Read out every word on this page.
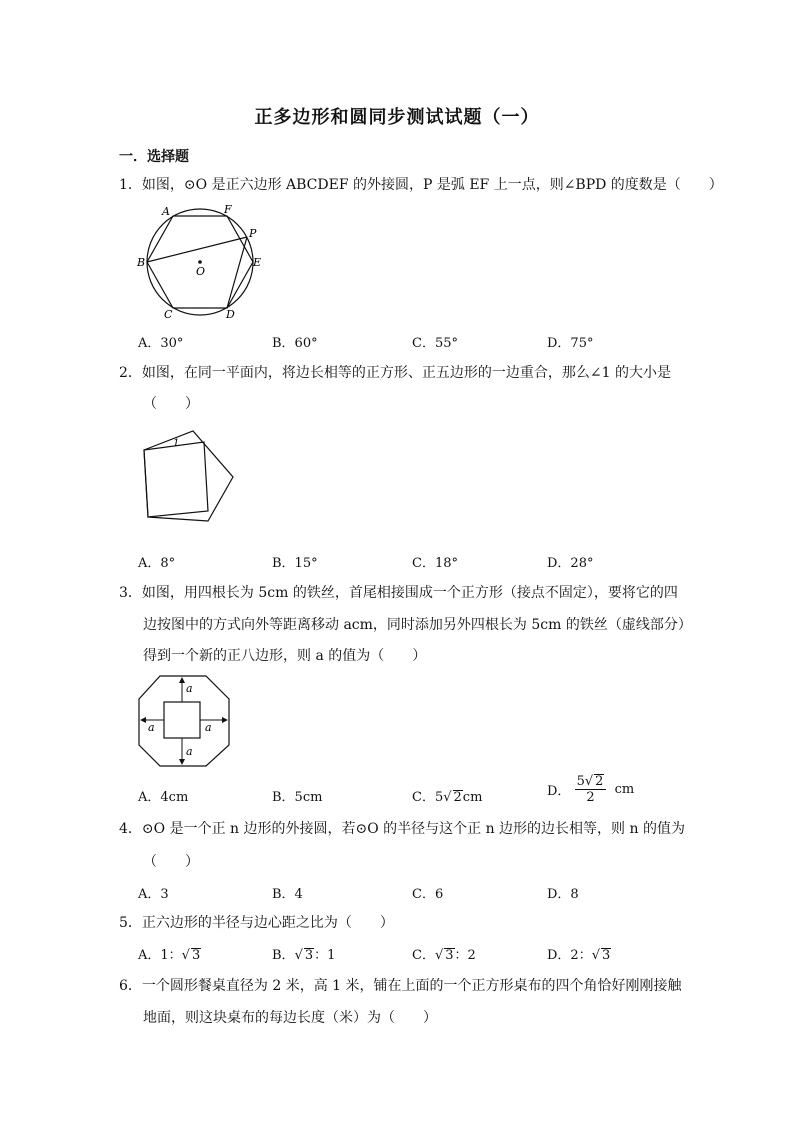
正多边形和圆同步测试试题（一）
一．选择题
1．如图，⊙O 是正六边形 ABCDEF 的外接圆，P 是弧 EF 上一点，则∠BPD 的度数是（　　）
A	F
P
B
O
E
C	D
A．30°	B．60°	C．55°	D．75°
2．如图，在同一平面内，将边长相等的正方形、正五边形的一边重合，那么∠1 的大小是
（　　）
1
A．8°	B．15°	C．18°	D．28°
3．如图，用四根长为 5cm 的铁丝，首尾相接围成一个正方形（接点不固定），要将它的四
边按图中的方式向外等距离移动 acm，同时添加另外四根长为 5cm 的铁丝（虚线部分）
得到一个新的正八边形，则 a 的值为（　　）
a
a
a	a
A．4cm	B．5cm	C．5√ 2cm	D． $\frac{5√ 2}{2}$ cm
4．⊙O 是一个正 n 边形的外接圆，若⊙O 的半径与这个正 n 边形的边长相等，则 n 的值为
（　　）
A．3	B．4	C．6	D．8
5．正六边形的半径与边心距之比为（　　）
A．1：√ 3	B．√ 3：1	C．√ 3：2	D．2：√ 3
6．一个圆形餐桌直径为 2 米，高 1 米，铺在上面的一个正方形桌布的四个角恰好刚刚接触
地面，则这块桌布的每边长度（米）为（　　）
